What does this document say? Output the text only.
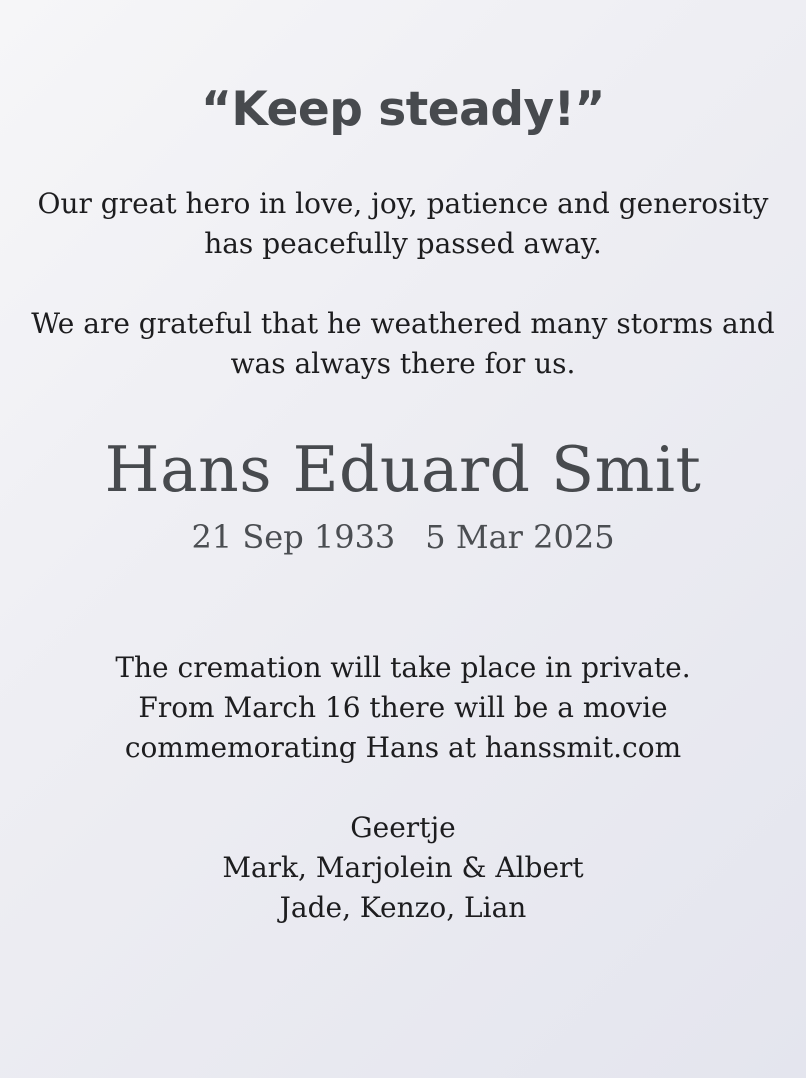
“Keep steady!”
Our great hero in love, joy, patience and generosity
has peacefully passed away.
We are grateful that he weathered many storms and
was always there for us.
Hans Eduard Smit
21 Sep 1933 5 Mar 2025
The cremation will take place in private.
From March 16 there will be a movie
commemorating Hans at hanssmit.com
Geertje
Mark, Marjolein & Albert
Jade, Kenzo, Lian
